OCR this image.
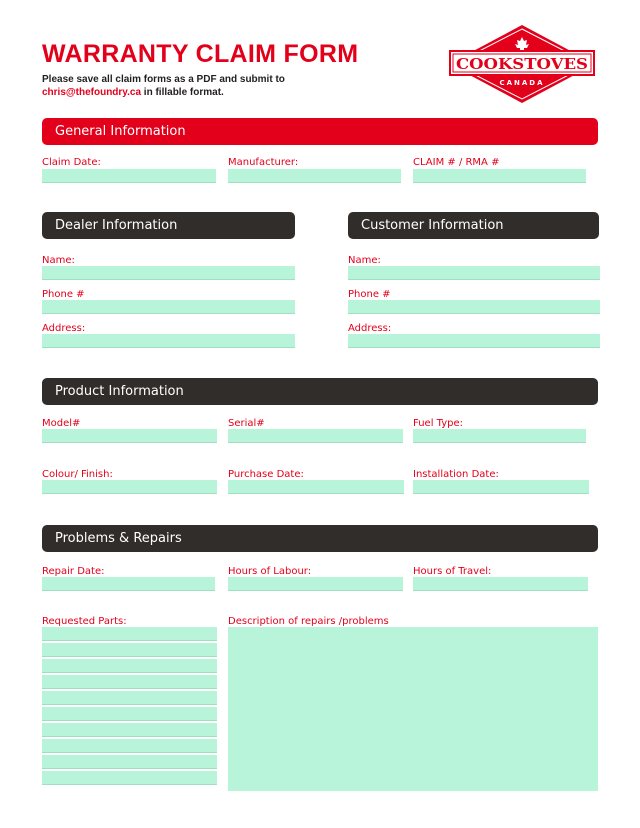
WARRANTY CLAIM FORM
Please save all claim forms as a PDF and submit to
chris@thefoundry.ca in fillable format.
COOKSTOVES
CANADA
General Information
Claim Date:	Manufacturer:	CLAIM # / RMA #
Dealer Information
Name:
Phone #
Address:
Customer Information
Name:
Phone #
Address:
Product Information
Model#	Serial#	Fuel Type:
Colour/ Finish:	Purchase Date:	Installation Date:
Problems & Repairs
Repair Date:	Hours of Labour:	Hours of Travel:
Requested Parts:	Description of repairs /problems
